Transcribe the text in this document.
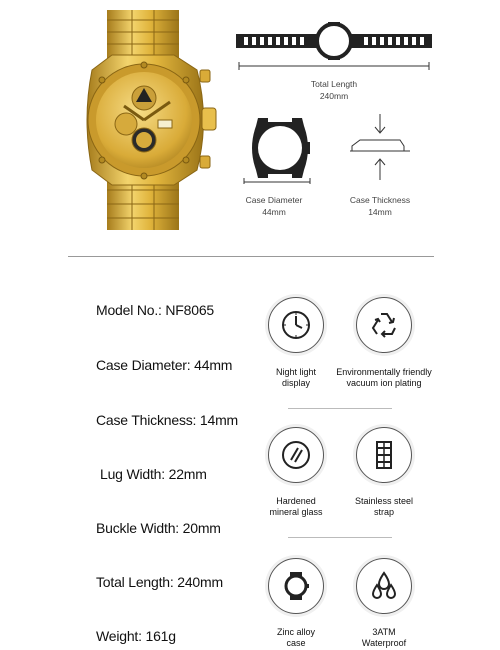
Total Length
240mm
Case Diameter
44mm
Case Thickness
14mm
Model No.: NF8065
Case Diameter: 44mm
Case Thickness: 14mm
Lug Width: 22mm
Buckle Width: 20mm
Total Length: 240mm
Weight: 161g
Night light
display
Environmentally friendly
vacuum ion plating
Hardened
mineral glass
Stainless steel
strap
Zinc alloy
case
3ATM
Waterproof
